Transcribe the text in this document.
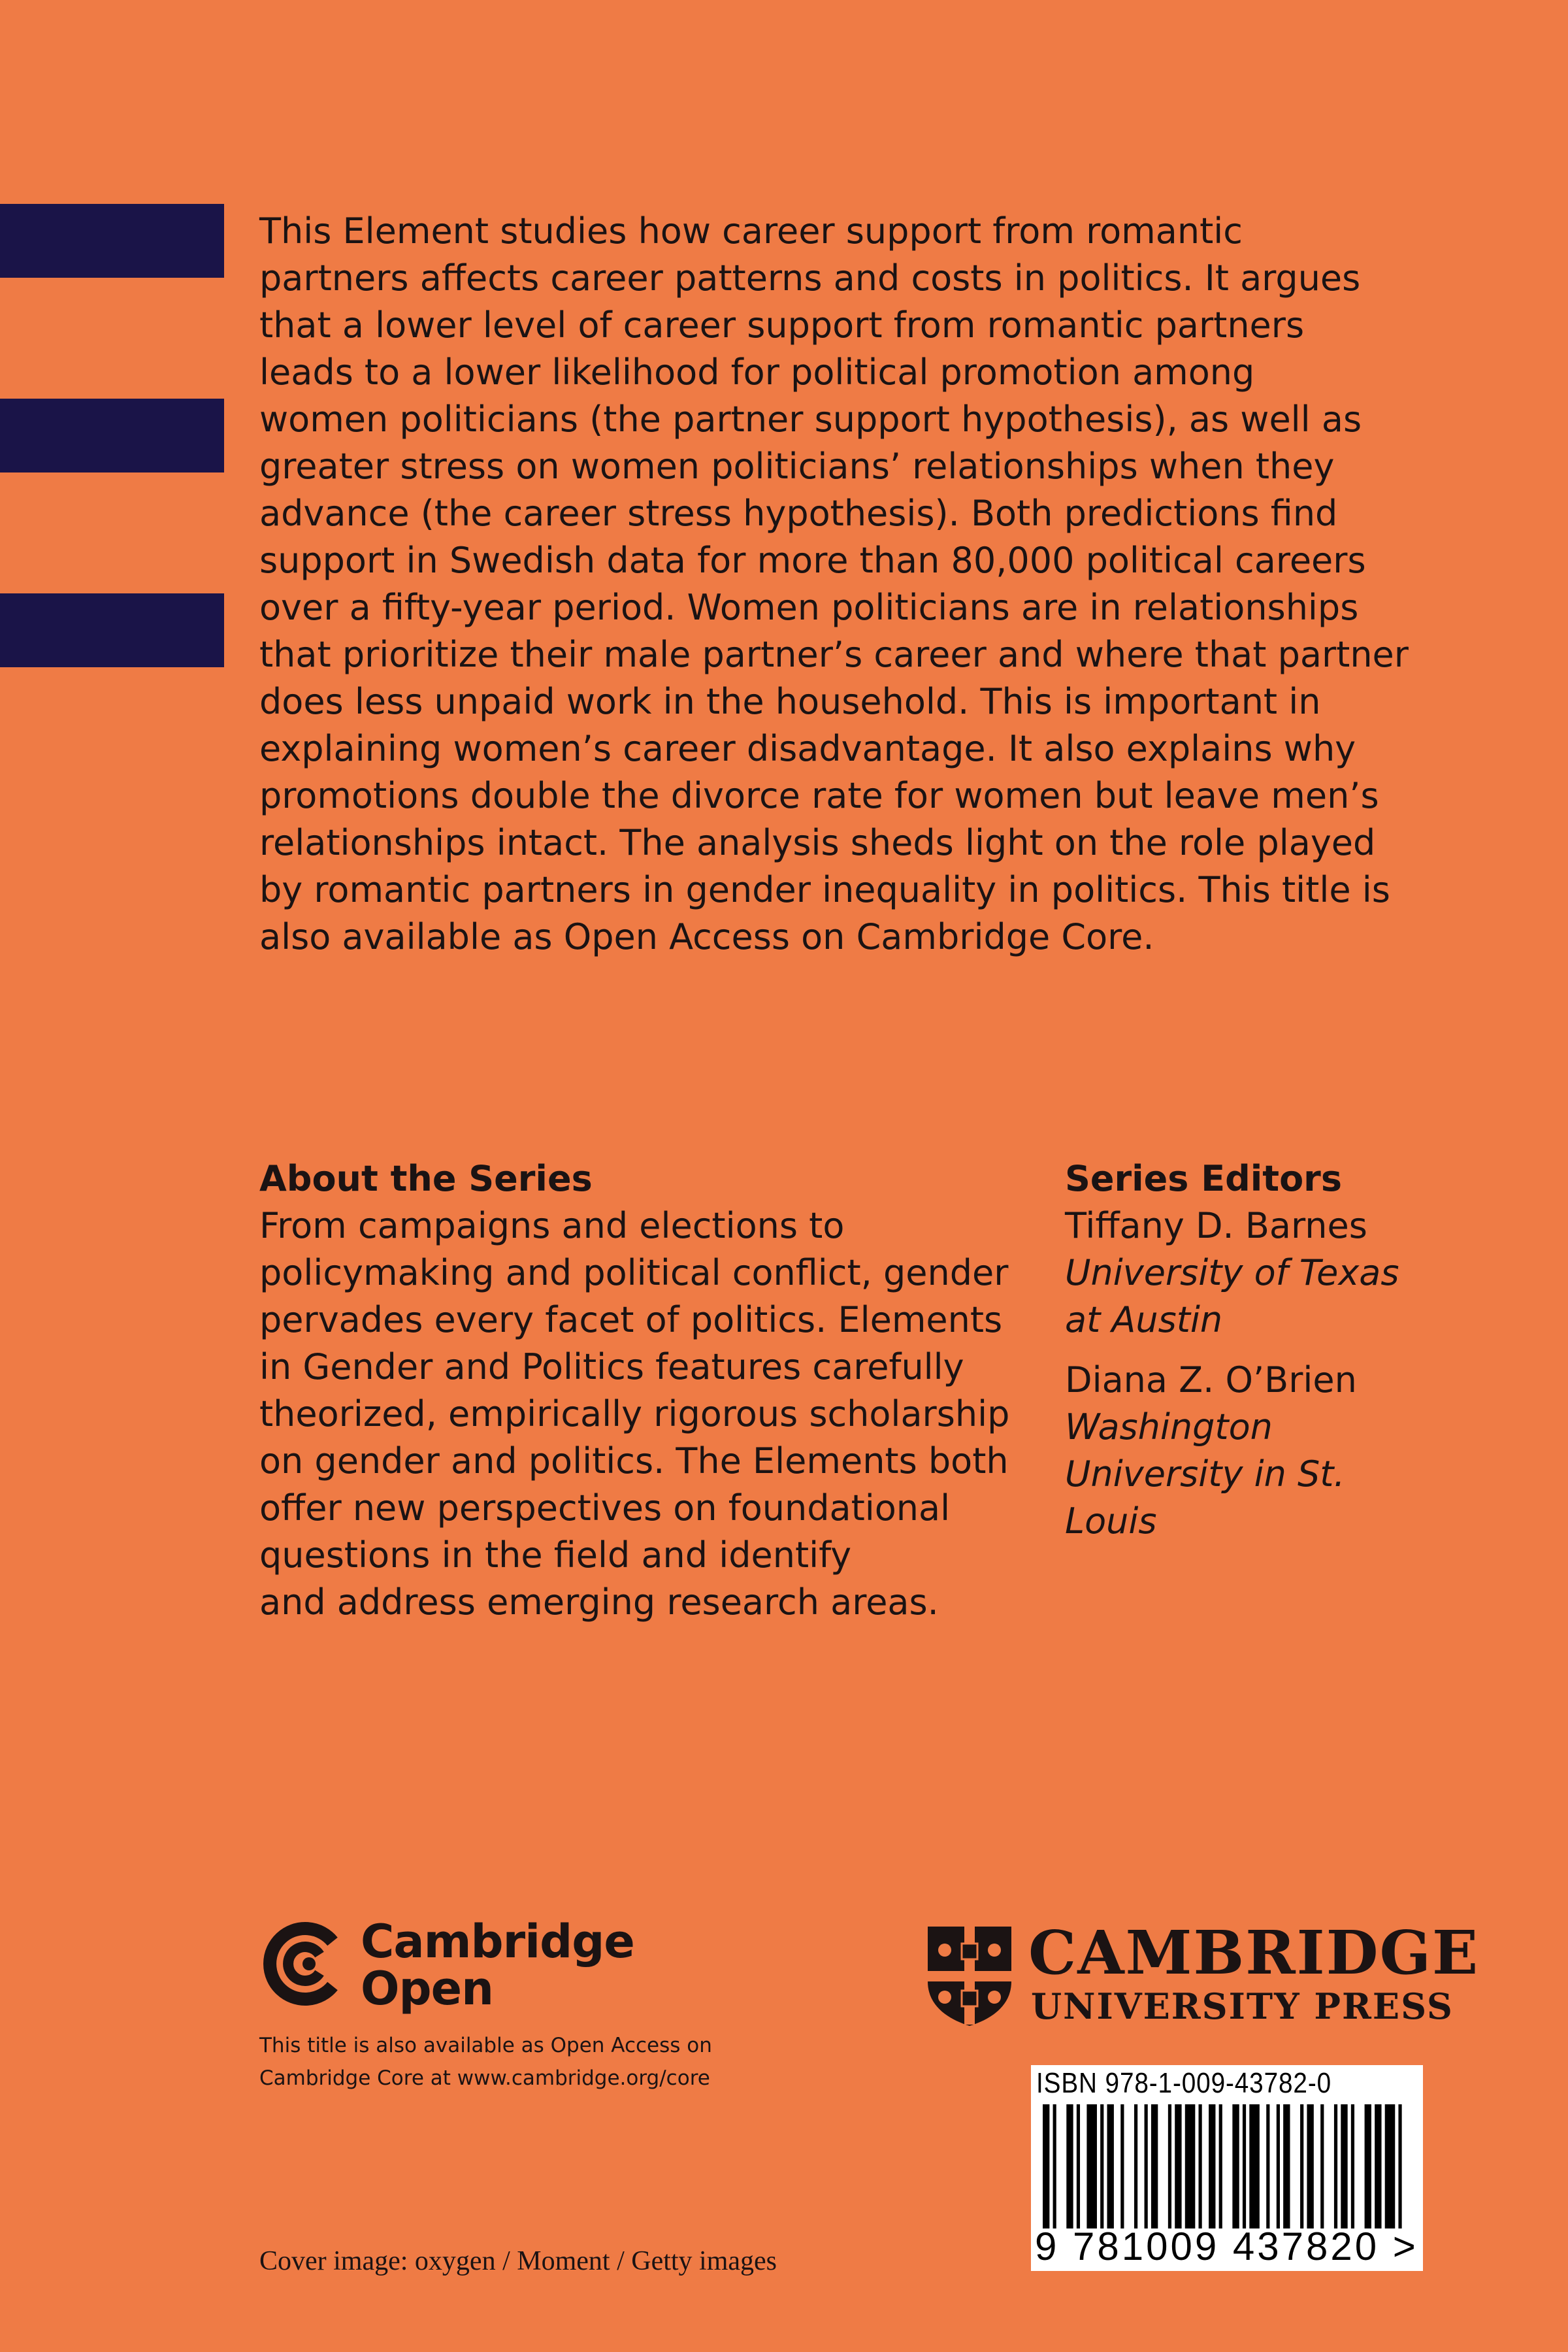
This Element studies how career support from romantic
partners affects career patterns and costs in politics. It argues
that a lower level of career support from romantic partners
leads to a lower likelihood for political promotion among
women politicians (the partner support hypothesis), as well as
greater stress on women politicians’ relationships when they
advance (the career stress hypothesis). Both predictions find
support in Swedish data for more than 80,000 political careers
over a fifty-year period. Women politicians are in relationships
that prioritize their male partner’s career and where that partner
does less unpaid work in the household. This is important in
explaining women’s career disadvantage. It also explains why
promotions double the divorce rate for women but leave men’s
relationships intact. The analysis sheds light on the role played
by romantic partners in gender inequality in politics. This title is
also available as Open Access on Cambridge Core.

About the Series

From campaigns and elections to
policymaking and political conflict, gender
pervades every facet of politics. Elements
in Gender and Politics features carefully
theorized, empirically rigorous scholarship
on gender and politics. The Elements both
offer new perspectives on foundational
questions in the field and identify
and address emerging research areas.

Series Editors

Tiffany D. Barnes

University of Texas
at Austin

Diana Z. O’Brien

Washington
University in St.
Louis

Cambridge
Open

This title is also available as Open Access on
Cambridge Core at www.cambridge.org/core

CAMBRIDGE

UNIVERSITY PRESS

ISBN 978-1-009-43782-0

9 781009 437820 >

Cover image: oxygen / Moment / Getty images
